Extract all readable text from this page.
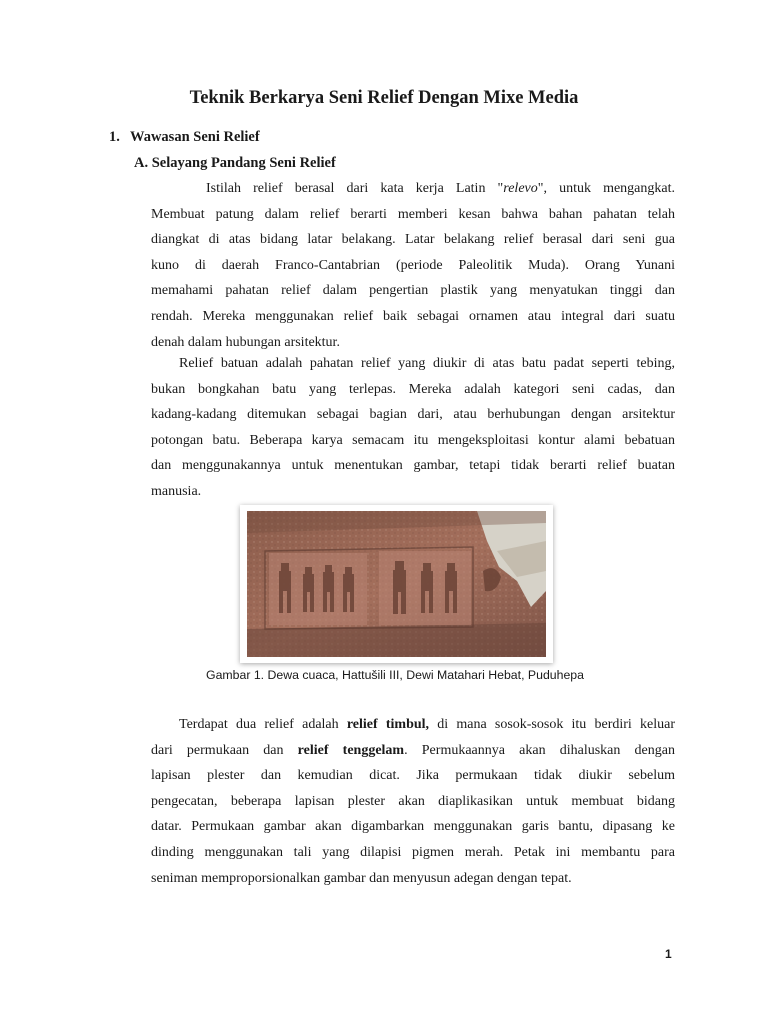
Teknik Berkarya Seni Relief Dengan Mixe Media
1. Wawasan Seni Relief
A. Selayang Pandang Seni Relief
Istilah relief berasal dari kata kerja Latin "relevo", untuk mengangkat.
Membuat patung dalam relief berarti memberi kesan bahwa bahan pahatan telah
diangkat di atas bidang latar belakang. Latar belakang relief berasal dari seni gua
kuno di daerah Franco-Cantabrian (periode Paleolitik Muda). Orang Yunani
memahami pahatan relief dalam pengertian plastik yang menyatukan tinggi dan
rendah. Mereka menggunakan relief baik sebagai ornamen atau integral dari suatu
denah dalam hubungan arsitektur.
Relief batuan adalah pahatan relief yang diukir di atas batu padat seperti tebing,
bukan bongkahan batu yang terlepas. Mereka adalah kategori seni cadas, dan
kadang-kadang ditemukan sebagai bagian dari, atau berhubungan dengan arsitektur
potongan batu. Beberapa karya semacam itu mengeksploitasi kontur alami bebatuan
dan menggunakannya untuk menentukan gambar, tetapi tidak berarti relief buatan
manusia.

Gambar 1. Dewa cuaca, Hattušili III, Dewi Matahari Hebat, Puduhepa

Terdapat dua relief adalah relief timbul, di mana sosok-sosok itu berdiri keluar
dari permukaan dan relief tenggelam. Permukaannya akan dihaluskan dengan
lapisan plester dan kemudian dicat. Jika permukaan tidak diukir sebelum
pengecatan, beberapa lapisan plester akan diaplikasikan untuk membuat bidang
datar. Permukaan gambar akan digambarkan menggunakan garis bantu, dipasang ke
dinding menggunakan tali yang dilapisi pigmen merah. Petak ini membantu para
seniman memproporsionalkan gambar dan menyusun adegan dengan tepat.
1
